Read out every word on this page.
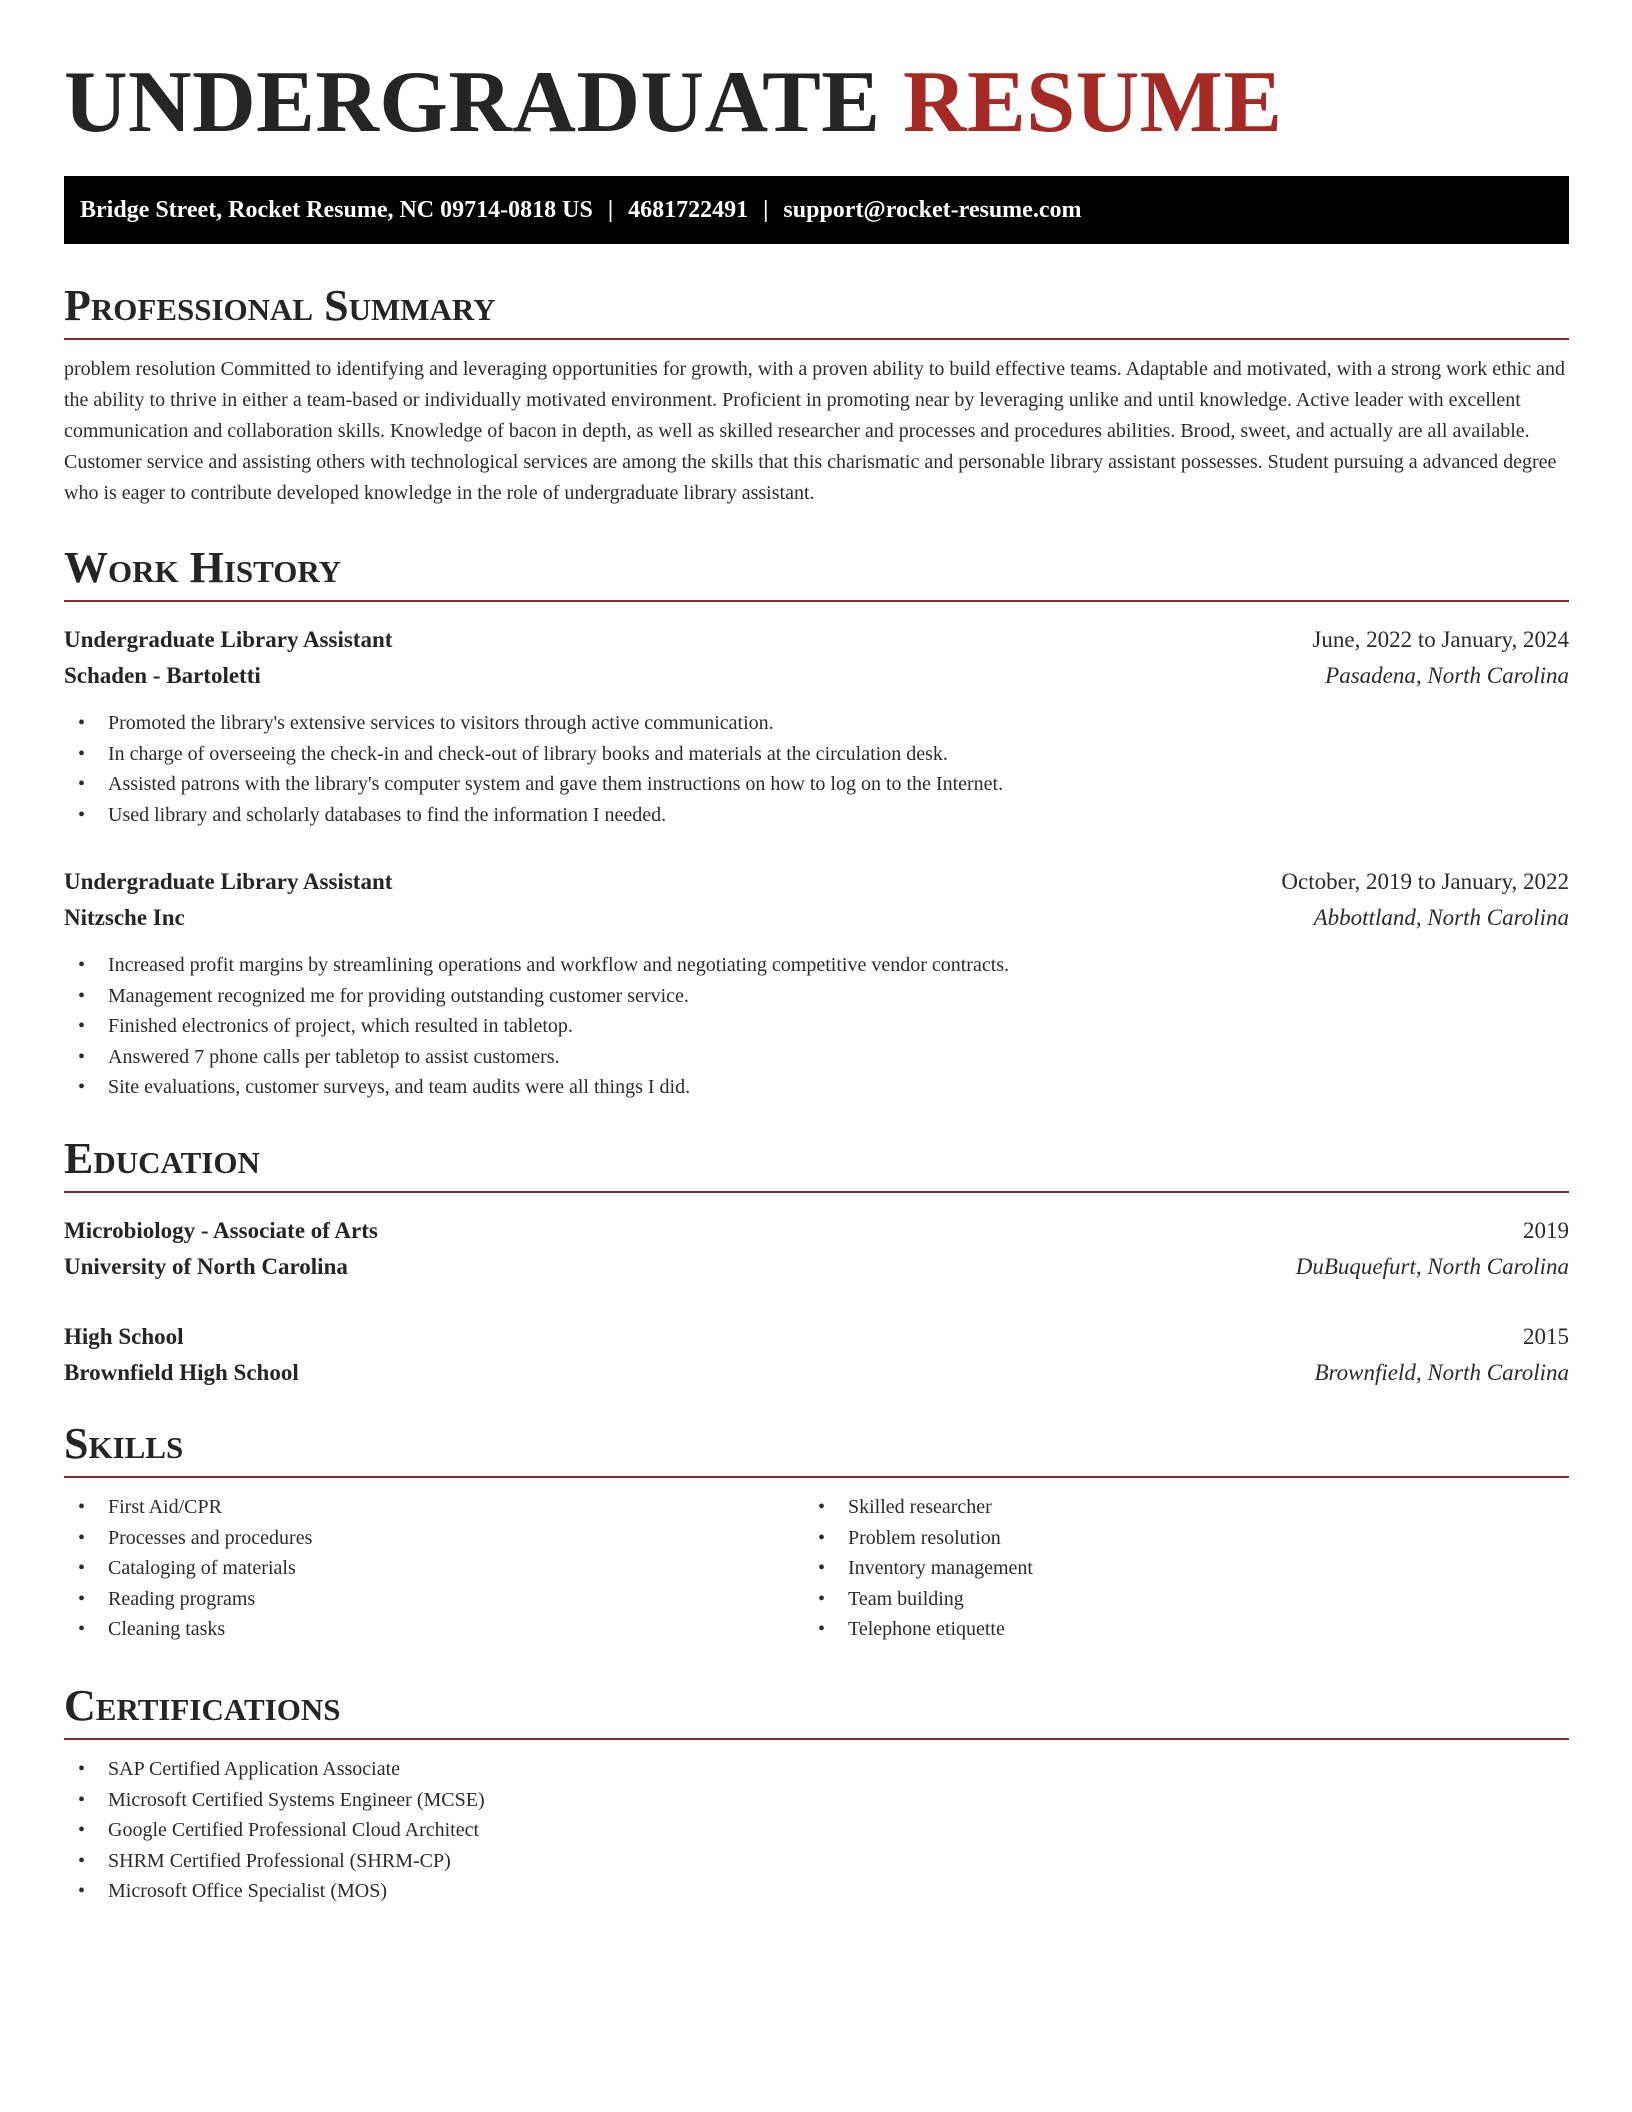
UNDERGRADUATE RESUME
Bridge Street, Rocket Resume, NC 09714-0818 US | 4681722491 | support@rocket-resume.com
Professional Summary

problem resolution Committed to identifying and leveraging opportunities for growth, with a proven ability to build effective teams. Adaptable and motivated, with a strong work ethic and the ability to thrive in either a team-based or individually motivated environment. Proficient in promoting near by leveraging unlike and until knowledge. Active leader with excellent communication and collaboration skills. Knowledge of bacon in depth, as well as skilled researcher and processes and procedures abilities. Brood, sweet, and actually are all available. Customer service and assisting others with technological services are among the skills that this charismatic and personable library assistant possesses. Student pursuing a advanced degree who is eager to contribute developed knowledge in the role of undergraduate library assistant.

Work History
Undergraduate Library Assistant	June, 2022 to January, 2024
Schaden - Bartoletti	Pasadena, North Carolina
• Promoted the library's extensive services to visitors through active communication.
• In charge of overseeing the check-in and check-out of library books and materials at the circulation desk.
• Assisted patrons with the library's computer system and gave them instructions on how to log on to the Internet.
• Used library and scholarly databases to find the information I needed.
Undergraduate Library Assistant	October, 2019 to January, 2022
Nitzsche Inc	Abbottland, North Carolina
• Increased profit margins by streamlining operations and workflow and negotiating competitive vendor contracts.
• Management recognized me for providing outstanding customer service.
• Finished electronics of project, which resulted in tabletop.
• Answered 7 phone calls per tabletop to assist customers.
• Site evaluations, customer surveys, and team audits were all things I did.
Education
Microbiology - Associate of Arts	2019
University of North Carolina	DuBuquefurt, North Carolina
High School	2015
Brownfield High School	Brownfield, North Carolina
Skills
• First Aid/CPR
• Processes and procedures
• Cataloging of materials
• Reading programs
• Cleaning tasks
• Skilled researcher
• Problem resolution
• Inventory management
• Team building
• Telephone etiquette
Certifications
• SAP Certified Application Associate
• Microsoft Certified Systems Engineer (MCSE)
• Google Certified Professional Cloud Architect
• SHRM Certified Professional (SHRM-CP)
• Microsoft Office Specialist (MOS)
